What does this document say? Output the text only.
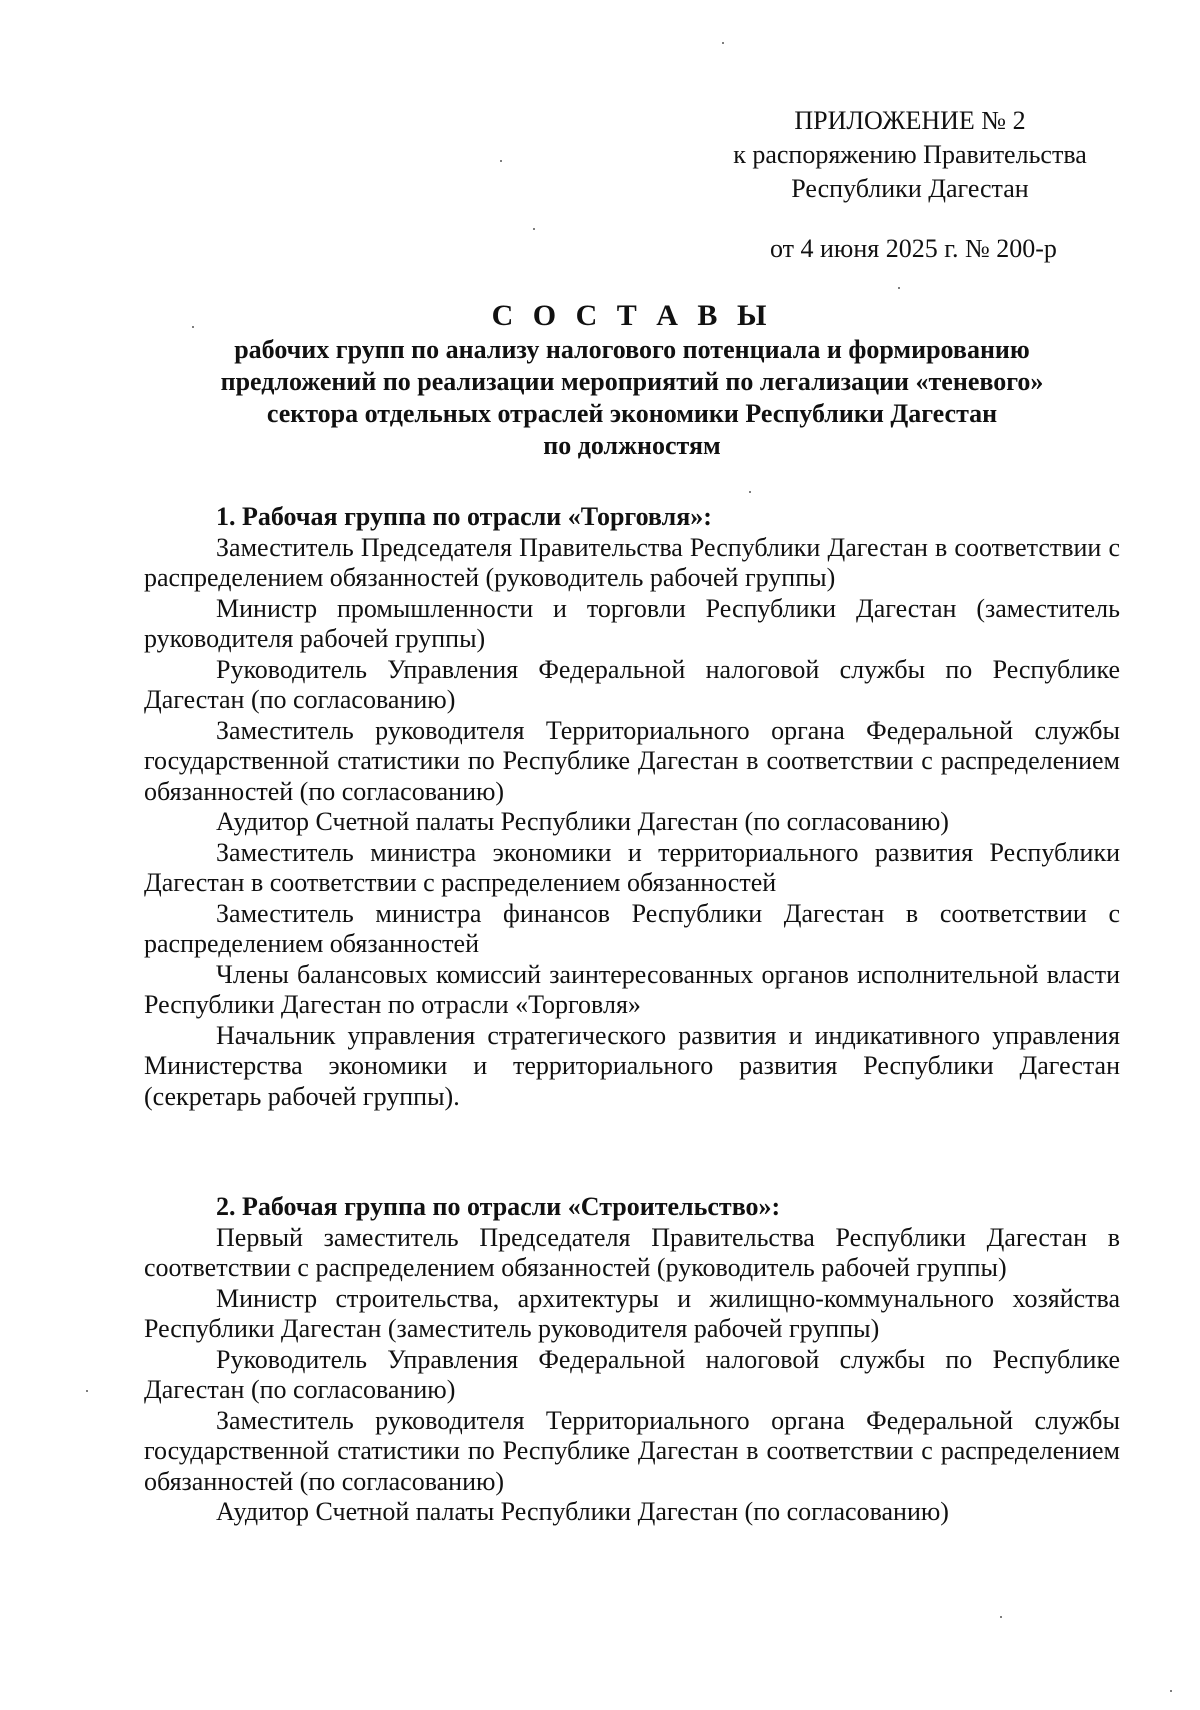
ПРИЛОЖЕНИЕ № 2
к распоряжению Правительства
Республики Дагестан
от 4 июня 2025 г. № 200-р
С О С Т А В Ы
рабочих групп по анализу налогового потенциала и формированию
предложений по реализации мероприятий по легализации «теневого»
сектора отдельных отраслей экономики Республики Дагестан
по должностям

1. Рабочая группа по отрасли «Торговля»:

Заместитель Председателя Правительства Республики Дагестан в соответствии с распределением обязанностей (руководитель рабочей группы)

Министр промышленности и торговли Республики Дагестан (заместитель руководителя рабочей группы)

Руководитель Управления Федеральной налоговой службы по Республике Дагестан (по согласованию)

Заместитель руководителя Территориального органа Федеральной службы государственной статистики по Республике Дагестан в соответствии с распределением обязанностей (по согласованию)

Аудитор Счетной палаты Республики Дагестан (по согласованию)

Заместитель министра экономики и территориального развития Республики Дагестан в соответствии с распределением обязанностей

Заместитель министра финансов Республики Дагестан в соответствии с распределением обязанностей

Члены балансовых комиссий заинтересованных органов исполнительной власти Республики Дагестан по отрасли «Торговля»

Начальник управления стратегического развития и индикативного управления Министерства экономики и территориального развития Республики Дагестан (секретарь рабочей группы).

2. Рабочая группа по отрасли «Строительство»:

Первый заместитель Председателя Правительства Республики Дагестан в соответствии с распределением обязанностей (руководитель рабочей группы)

Министр строительства, архитектуры и жилищно-коммунального хозяйства Республики Дагестан (заместитель руководителя рабочей группы)

Руководитель Управления Федеральной налоговой службы по Республике Дагестан (по согласованию)

Заместитель руководителя Территориального органа Федеральной службы государственной статистики по Республике Дагестан в соответствии с распределением обязанностей (по согласованию)

Аудитор Счетной палаты Республики Дагестан (по согласованию)
